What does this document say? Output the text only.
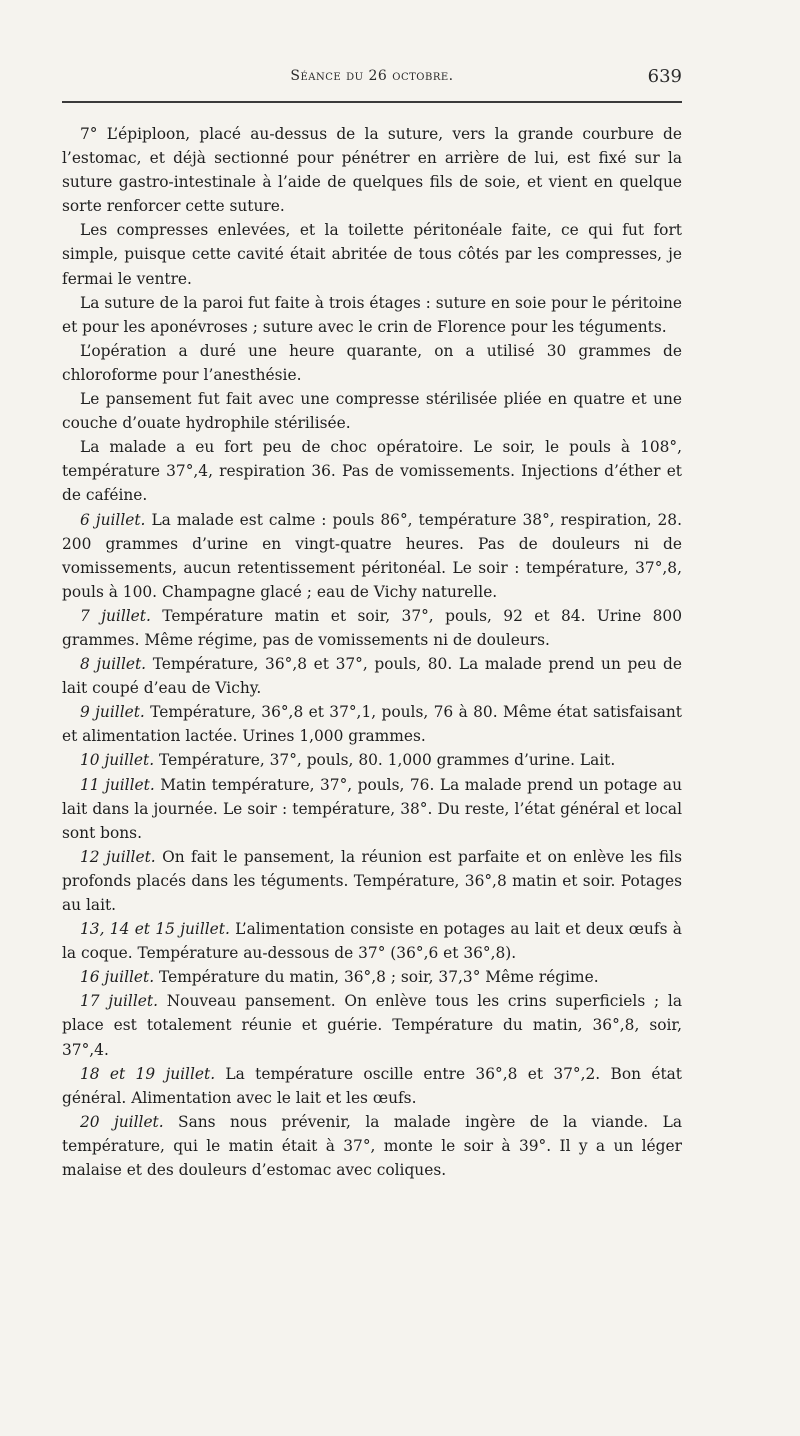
Séance du 26 octobre.	639

7° L’épiploon, placé au-dessus de la suture, vers la grande courbure de l’estomac, et déjà sectionné pour pénétrer en arrière de lui, est fixé sur la suture gastro-intestinale à l’aide de quelques fils de soie, et vient en quelque sorte renforcer cette suture.

Les compresses enlevées, et la toilette péritonéale faite, ce qui fut fort simple, puisque cette cavité était abritée de tous côtés par les compresses, je fermai le ventre.

La suture de la paroi fut faite à trois étages : suture en soie pour le péritoine et pour les aponévroses ; suture avec le crin de Florence pour les téguments.

L’opération a duré une heure quarante, on a utilisé 30 grammes de chloroforme pour l’anesthésie.

Le pansement fut fait avec une compresse stérilisée pliée en quatre et une couche d’ouate hydrophile stérilisée.

La malade a eu fort peu de choc opératoire. Le soir, le pouls à 108°, température 37°,4, respiration 36. Pas de vomissements. Injections d’éther et de caféine.

6 juillet. La malade est calme : pouls 86°, température 38°, respiration, 28. 200 grammes d’urine en vingt-quatre heures. Pas de douleurs ni de vomissements, aucun retentissement péritonéal. Le soir : température, 37°,8, pouls à 100. Champagne glacé ; eau de Vichy naturelle.

7 juillet. Température matin et soir, 37°, pouls, 92 et 84. Urine 800 grammes. Même régime, pas de vomissements ni de douleurs.

8 juillet. Température, 36°,8 et 37°, pouls, 80. La malade prend un peu de lait coupé d’eau de Vichy.

9 juillet. Température, 36°,8 et 37°,1, pouls, 76 à 80. Même état satisfaisant et alimentation lactée. Urines 1,000 grammes.

10 juillet. Température, 37°, pouls, 80. 1,000 grammes d’urine. Lait.

11 juillet. Matin température, 37°, pouls, 76. La malade prend un potage au lait dans la journée. Le soir : température, 38°. Du reste, l’état général et local sont bons.

12 juillet. On fait le pansement, la réunion est parfaite et on enlève les fils profonds placés dans les téguments. Température, 36°,8 matin et soir. Potages au lait.

13, 14 et 15 juillet. L’alimentation consiste en potages au lait et deux œufs à la coque. Température au-dessous de 37° (36°,6 et 36°,8).

16 juillet. Température du matin, 36°,8 ; soir, 37,3° Même régime.

17 juillet. Nouveau pansement. On enlève tous les crins superficiels ; la place est totalement réunie et guérie. Température du matin, 36°,8, soir, 37°,4.

18 et 19 juillet. La température oscille entre 36°,8 et 37°,2. Bon état général. Alimentation avec le lait et les œufs.

20 juillet. Sans nous prévenir, la malade ingère de la viande. La température, qui le matin était à 37°, monte le soir à 39°. Il y a un léger malaise et des douleurs d’estomac avec coliques.
